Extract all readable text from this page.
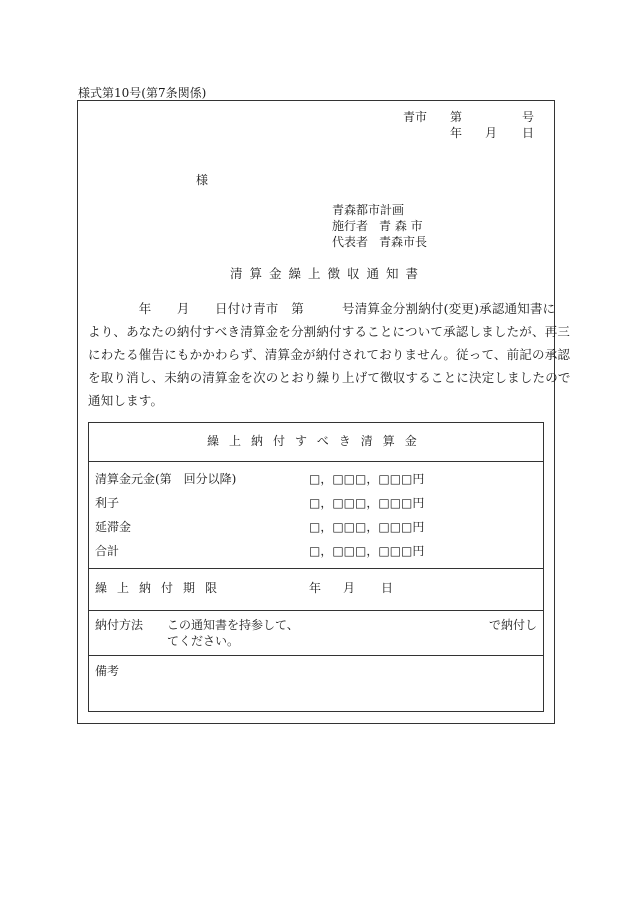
様式第10号(第7条関係)
青市 第	号
年 月 日
様
青森都市計画
施行者 青 森 市
代表者 青森市長
清算金繰上徴収通知書
　　　　年　　月　　日付け青市　第　　　号清算金分割納付(変更)承認通知書に
より、あなたの納付すべき清算金を分割納付することについて承認しましたが、再三
にわたる催告にもかかわらず、清算金が納付されておりません。従って、前記の承認
を取り消し、未納の清算金を次のとおり繰り上げて徴収することに決定しましたので
通知します。
繰上納付すべき清算金
清算金元金(第　回分以降)	□，□□□，□□□円
利子	□，□□□，□□□円
延滞金	□，□□□，□□□円
合計	□，□□□，□□□円
繰上納付期限	年 月 日
納付方法 この通知書を持参して、	で納付し
てください。
備考
